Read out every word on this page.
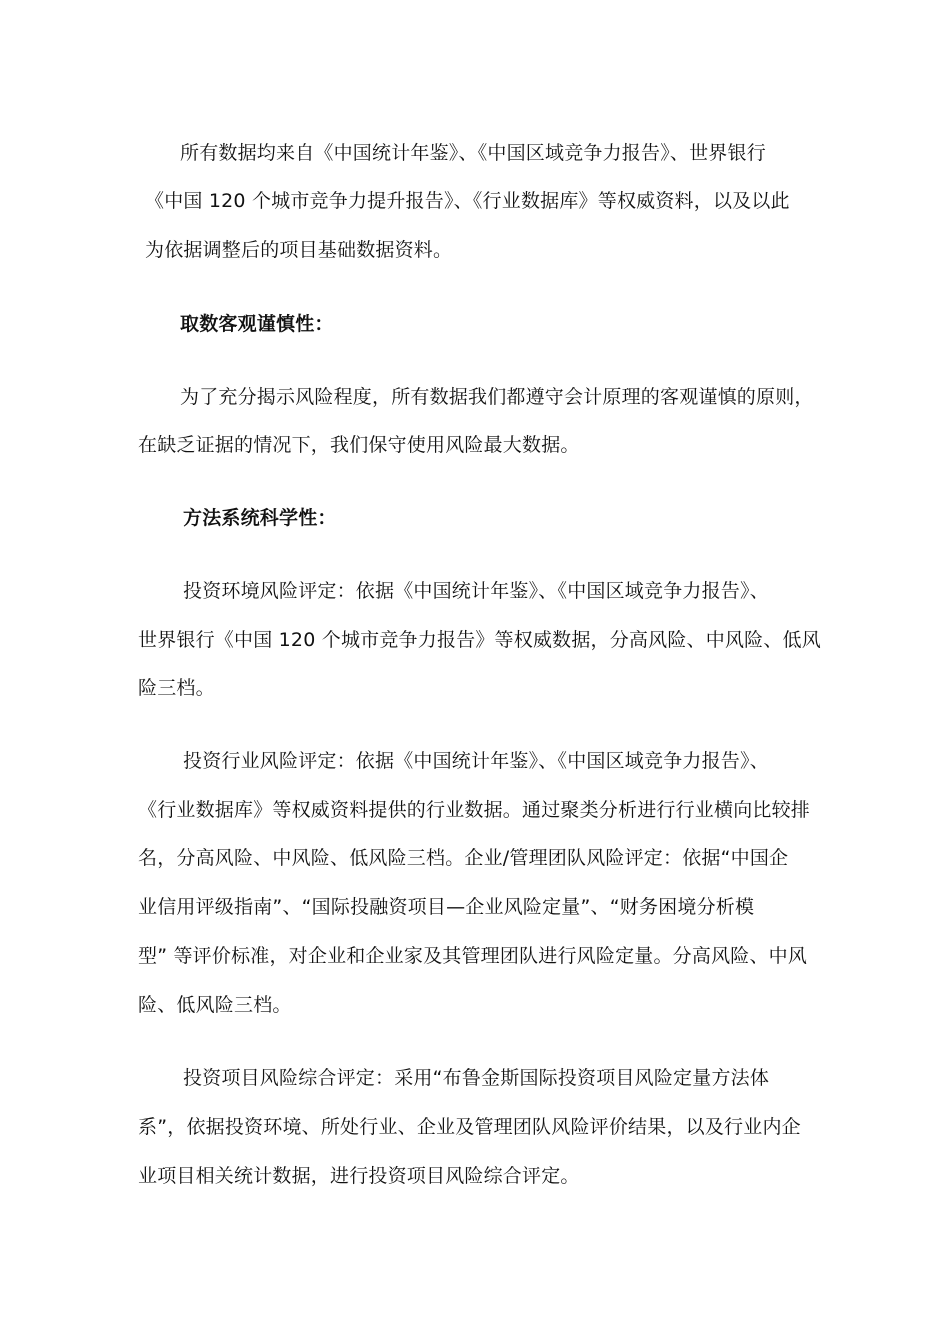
所有数据均来自《中国统计年鉴》、《中国区域竞争力报告》、世界银行
《中国 120 个城市竞争力提升报告》、《行业数据库》等权威资料，以及以此
为依据调整后的项目基础数据资料。
取数客观谨慎性：
为了充分揭示风险程度，所有数据我们都遵守会计原理的客观谨慎的原则，
在缺乏证据的情况下，我们保守使用风险最大数据。
方法系统科学性：
投资环境风险评定：依据《中国统计年鉴》、《中国区域竞争力报告》、
世界银行《中国 120 个城市竞争力报告》等权威数据，分高风险、中风险、低风
险三档。
投资行业风险评定：依据《中国统计年鉴》、《中国区域竞争力报告》、
《行业数据库》等权威资料提供的行业数据。通过聚类分析进行行业横向比较排
名，分高风险、中风险、低风险三档。企业/管理团队风险评定：依据“中国企
业信用评级指南”、“国际投融资项目—企业风险定量”、“财务困境分析模
型” 等评价标准，对企业和企业家及其管理团队进行风险定量。分高风险、中风
险、低风险三档。
投资项目风险综合评定：采用“布鲁金斯国际投资项目风险定量方法体
系”，依据投资环境、所处行业、企业及管理团队风险评价结果，以及行业内企
业项目相关统计数据，进行投资项目风险综合评定。
